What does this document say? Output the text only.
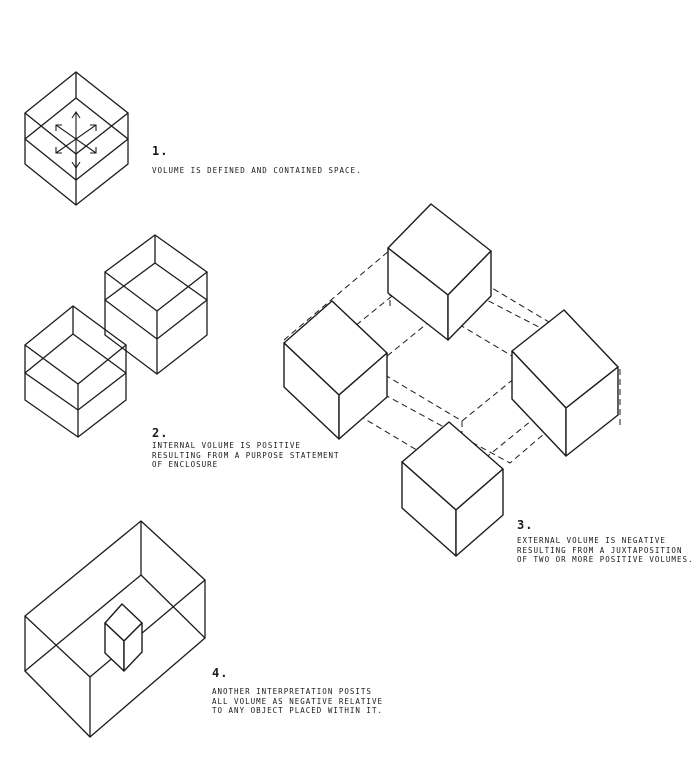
1.
VOLUME IS DEFINED AND CONTAINED SPACE.
2.
INTERNAL VOLUME IS POSITIVE
RESULTING FROM A PURPOSE STATEMENT
OF ENCLOSURE
3.
EXTERNAL VOLUME IS NEGATIVE
RESULTING FROM A JUXTAPOSITION
OF TWO OR MORE POSITIVE VOLUMES.
4.
ANOTHER INTERPRETATION POSITS
ALL VOLUME AS NEGATIVE RELATIVE
TO ANY OBJECT PLACED WITHIN IT.
